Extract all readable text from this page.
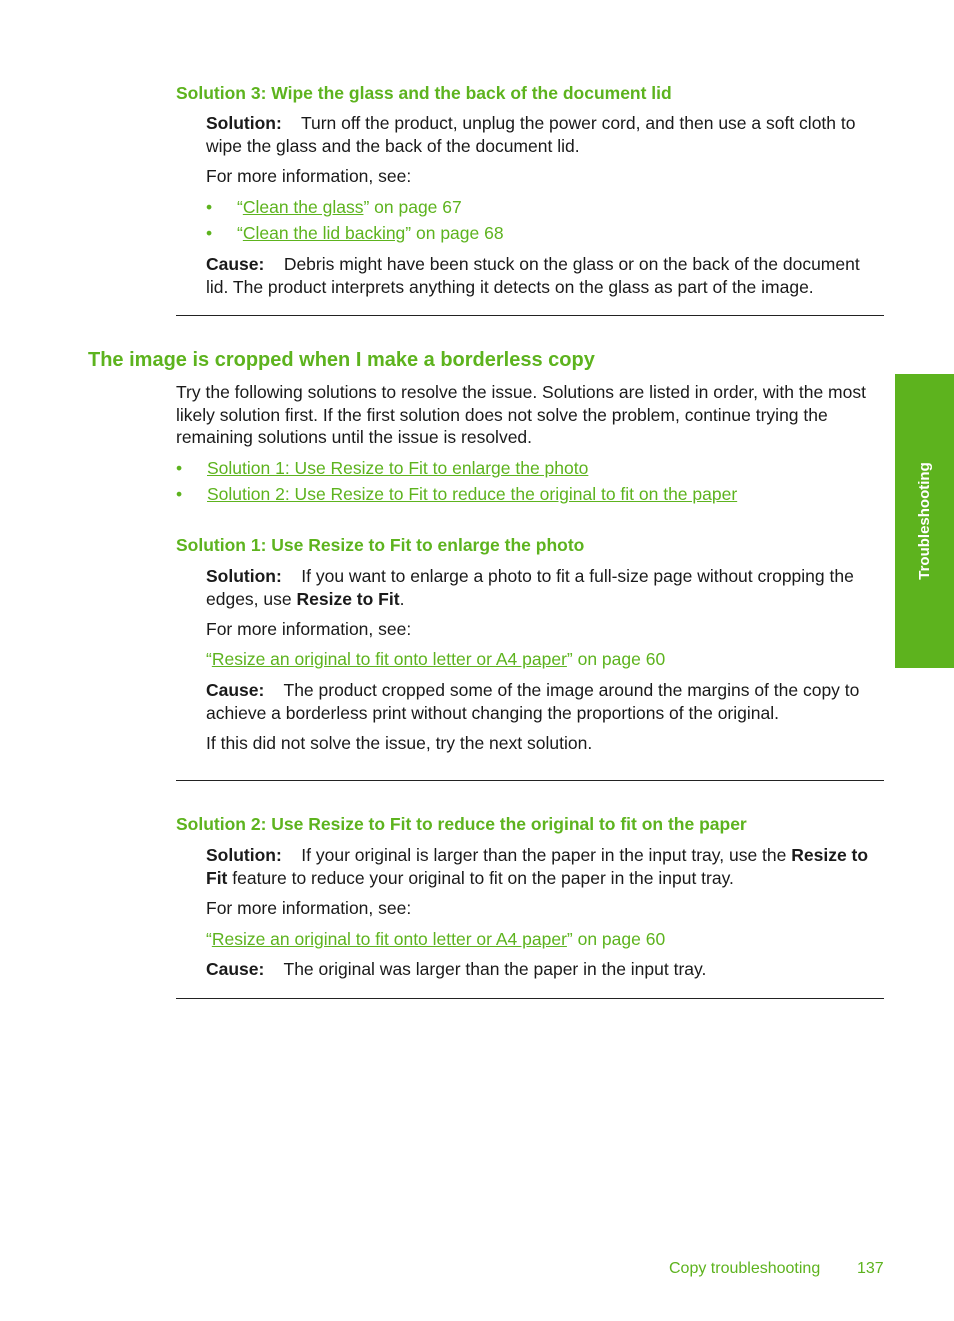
Solution 3: Wipe the glass and the back of the document lid
Solution: Turn off the product, unplug the power cord, and then use a soft cloth to wipe the glass and the back of the document lid.
For more information, see:
• “Clean the glass” on page 67
• “Clean the lid backing” on page 68
Cause: Debris might have been stuck on the glass or on the back of the document lid. The product interprets anything it detects on the glass as part of the image.
The image is cropped when I make a borderless copy
Try the following solutions to resolve the issue. Solutions are listed in order, with the most likely solution first. If the first solution does not solve the problem, continue trying the remaining solutions until the issue is resolved.
• Solution 1: Use Resize to Fit to enlarge the photo
• Solution 2: Use Resize to Fit to reduce the original to fit on the paper
Solution 1: Use Resize to Fit to enlarge the photo
Solution: If you want to enlarge a photo to fit a full-size page without cropping the edges, use Resize to Fit.
For more information, see:
“Resize an original to fit onto letter or A4 paper” on page 60
Cause: The product cropped some of the image around the margins of the copy to achieve a borderless print without changing the proportions of the original.
If this did not solve the issue, try the next solution.
Solution 2: Use Resize to Fit to reduce the original to fit on the paper
Solution: If your original is larger than the paper in the input tray, use the Resize to Fit feature to reduce your original to fit on the paper in the input tray.
For more information, see:
“Resize an original to fit onto letter or A4 paper” on page 60
Cause: The original was larger than the paper in the input tray.
Troubleshooting
Copy troubleshooting 137
